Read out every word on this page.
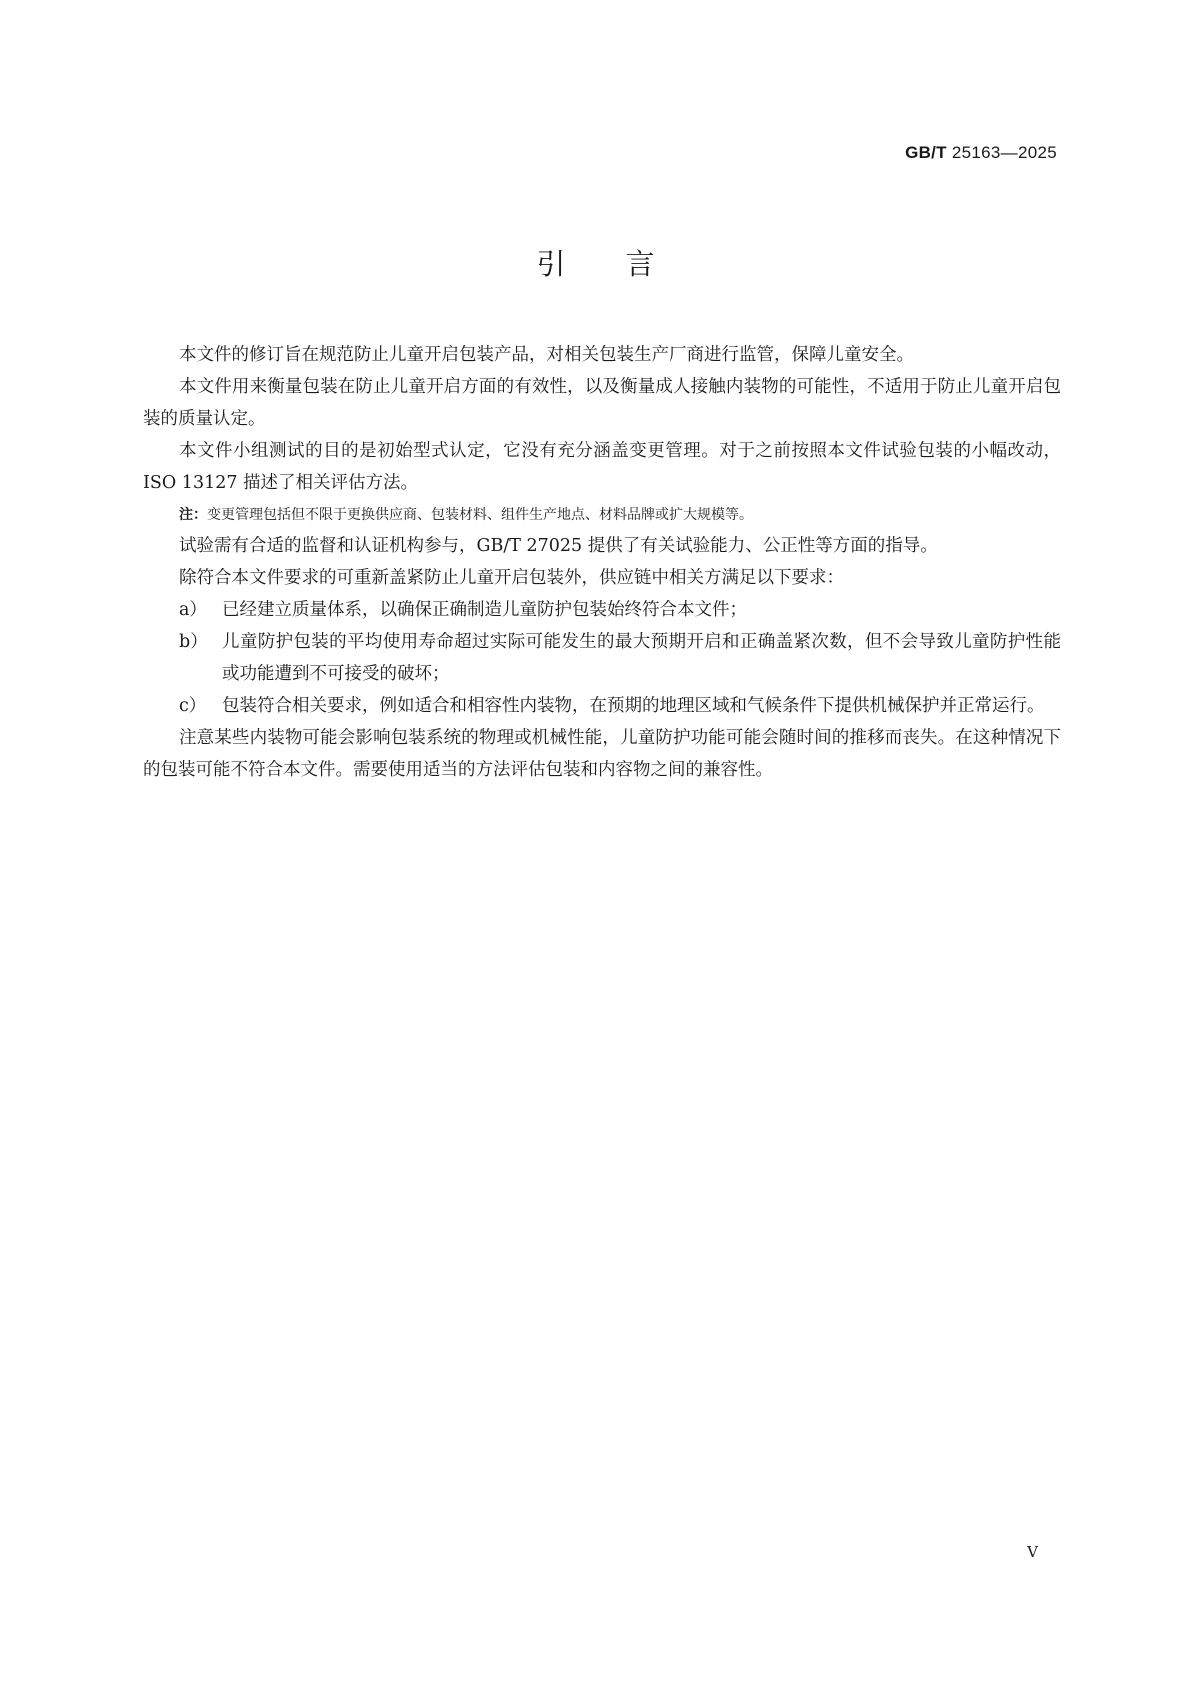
GB/T 25163—2025
引言

本文件的修订旨在规范防止儿童开启包装产品，对相关包装生产厂商进行监管，保障儿童安全。

本文件用来衡量包装在防止儿童开启方面的有效性，以及衡量成人接触内装物的可能性，不适用于防止儿童开启包装的质量认定。

本文件小组测试的目的是初始型式认定，它没有充分涵盖变更管理。对于之前按照本文件试验包装的小幅改动，ISO 13127 描述了相关评估方法。

注：变更管理包括但不限于更换供应商、包装材料、组件生产地点、材料品牌或扩大规模等。

试验需有合适的监督和认证机构参与，GB/T 27025 提供了有关试验能力、公正性等方面的指导。

除符合本文件要求的可重新盖紧防止儿童开启包装外，供应链中相关方满足以下要求：

a） 已经建立质量体系，以确保正确制造儿童防护包装始终符合本文件；
b） 儿童防护包装的平均使用寿命超过实际可能发生的最大预期开启和正确盖紧次数，但不会导致儿童防护性能或功能遭到不可接受的破坏；
c） 包装符合相关要求，例如适合和相容性内装物，在预期的地理区域和气候条件下提供机械保护并正常运行。

注意某些内装物可能会影响包装系统的物理或机械性能，儿童防护功能可能会随时间的推移而丧失。在这种情况下的包装可能不符合本文件。需要使用适当的方法评估包装和内容物之间的兼容性。

V
